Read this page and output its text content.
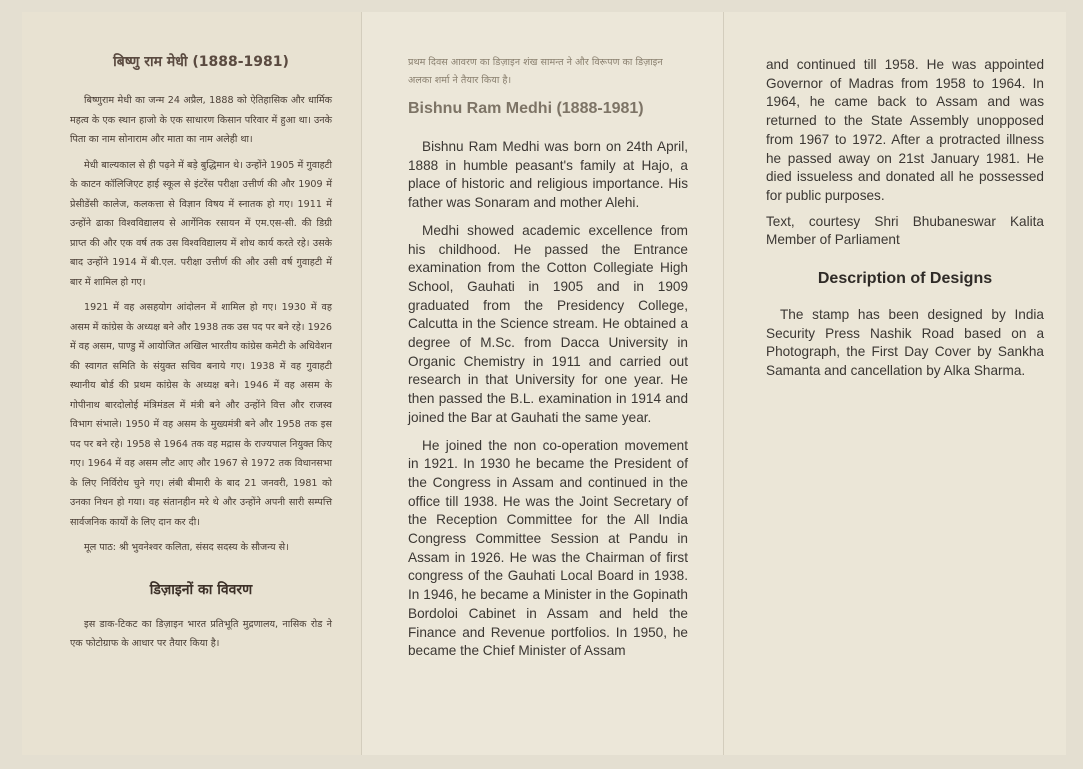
बिष्णु राम मेधी (1888-1981)

बिष्णुराम मेधी का जन्म 24 अप्रैल, 1888 को ऐतिहासिक और धार्मिक महत्व के एक स्थान हाजो के एक साधारण किसान परिवार में हुआ था। उनके पिता का नाम सोनाराम और माता का नाम अलेही था।

मेधी बाल्यकाल से ही पढ़ने में बड़े बुद्धिमान थे। उन्होंने 1905 में गुवाहटी के काटन कॉलिजिएट हाई स्कूल से इंटरेंस परीक्षा उत्तीर्ण की और 1909 में प्रेसीडेंसी कालेज, कलकत्ता से विज्ञान विषय में स्नातक हो गए। 1911 में उन्होंने ढाका विश्वविद्यालय से आर्गेनिक रसायन में एम.एस-सी. की डिग्री प्राप्त की और एक वर्ष तक उस विश्वविद्यालय में शोध कार्य करते रहे। उसके बाद उन्होंने 1914 में बी.एल. परीक्षा उत्तीर्ण की और उसी वर्ष गुवाहटी में बार में शामिल हो गए।

1921 में वह असहयोग आंदोलन में शामिल हो गए। 1930 में वह असम में कांग्रेस के अध्यक्ष बने और 1938 तक उस पद पर बने रहे। 1926 में वह असम, पाण्डु में आयोजित अखिल भारतीय कांग्रेस कमेटी के अधिवेशन की स्वागत समिति के संयुक्त सचिव बनाये गए। 1938 में वह गुवाहटी स्थानीय बोर्ड की प्रथम कांग्रेस के अध्यक्ष बने। 1946 में वह असम के गोपीनाथ बारदोलोई मंत्रिमंडल में मंत्री बने और उन्होंने वित्त और राजस्व विभाग संभाले। 1950 में वह असम के मुख्यमंत्री बने और 1958 तक इस पद पर बने रहे। 1958 से 1964 तक वह मद्रास के राज्यपाल नियुक्त किए गए। 1964 में वह असम लौट आए और 1967 से 1972 तक विधानसभा के लिए निर्विरोध चुने गए। लंबी बीमारी के बाद 21 जनवरी, 1981 को उनका निधन हो गया। वह संतानहीन मरे थे और उन्होंने अपनी सारी सम्पत्ति सार्वजनिक कार्यों के लिए दान कर दी।

मूल पाठ: श्री भुवनेश्वर कलिता, संसद सदस्य के सौजन्य से।

डिज़ाइनों का विवरण

इस डाक-टिकट का डिज़ाइन भारत प्रतिभूति मुद्रणालय, नासिक रोड ने एक फोटोग्राफ के आधार पर तैयार किया है।

प्रथम दिवस आवरण का डिज़ाइन शंख सामन्त ने और विरूपण का डिज़ाइन अलका शर्मा ने तैयार किया है।

Bishnu Ram Medhi (1888-1981)

Bishnu Ram Medhi was born on 24th April, 1888 in humble peasant's family at Hajo, a place of historic and religious importance. His father was Sonaram and mother Alehi.

Medhi showed academic excellence from his childhood. He passed the Entrance examination from the Cotton Collegiate High School, Gauhati in 1905 and in 1909 graduated from the Presidency College, Calcutta in the Science stream. He obtained a degree of M.Sc. from Dacca University in Organic Chemistry in 1911 and carried out research in that University for one year. He then passed the B.L. examination in 1914 and joined the Bar at Gauhati the same year.

He joined the non co-operation movement in 1921. In 1930 he became the President of the Congress in Assam and continued in the office till 1938. He was the Joint Secretary of the Reception Committee for the All India Congress Committee Session at Pandu in Assam in 1926. He was the Chairman of first congress of the Gauhati Local Board in 1938. In 1946, he became a Minister in the Gopinath Bordoloi Cabinet in Assam and held the Finance and Revenue portfolios. In 1950, he became the Chief Minister of Assam

and continued till 1958. He was appointed Governor of Madras from 1958 to 1964. In 1964, he came back to Assam and was returned to the State Assembly unopposed from 1967 to 1972. After a protracted illness he passed away on 21st January 1981. He died issueless and donated all he possessed for public purposes.

Text, courtesy Shri Bhubaneswar Kalita Member of Parliament

Description of Designs

The stamp has been designed by India Security Press Nashik Road based on a Photograph, the First Day Cover by Sankha Samanta and cancellation by Alka Sharma.
